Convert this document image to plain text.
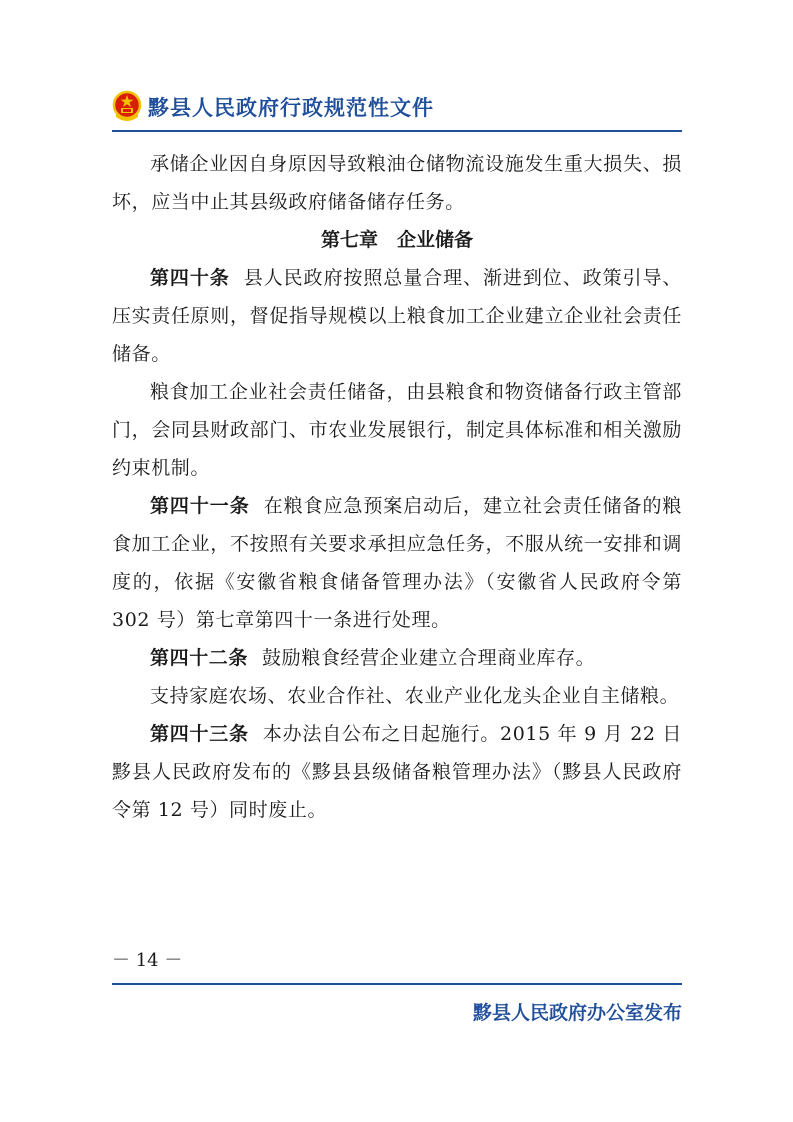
黟县人民政府行政规范性文件

承储企业因自身原因导致粮油仓储物流设施发生重大损失、损坏，应当中止其县级政府储备储存任务。

第七章　企业储备

第四十条 县人民政府按照总量合理、渐进到位、政策引导、压实责任原则，督促指导规模以上粮食加工企业建立企业社会责任储备。

粮食加工企业社会责任储备，由县粮食和物资储备行政主管部门，会同县财政部门、市农业发展银行，制定具体标准和相关激励约束机制。

第四十一条 在粮食应急预案启动后，建立社会责任储备的粮食加工企业，不按照有关要求承担应急任务，不服从统一安排和调度的，依据《安徽省粮食储备管理办法》（安徽省人民政府令第 302 号）第七章第四十一条进行处理。

第四十二条 鼓励粮食经营企业建立合理商业库存。

支持家庭农场、农业合作社、农业产业化龙头企业自主储粮。

第四十三条 本办法自公布之日起施行。2015 年 9 月 22 日黟县人民政府发布的《黟县县级储备粮管理办法》（黟县人民政府令第 12 号）同时废止。

－ 14 －
黟县人民政府办公室发布
